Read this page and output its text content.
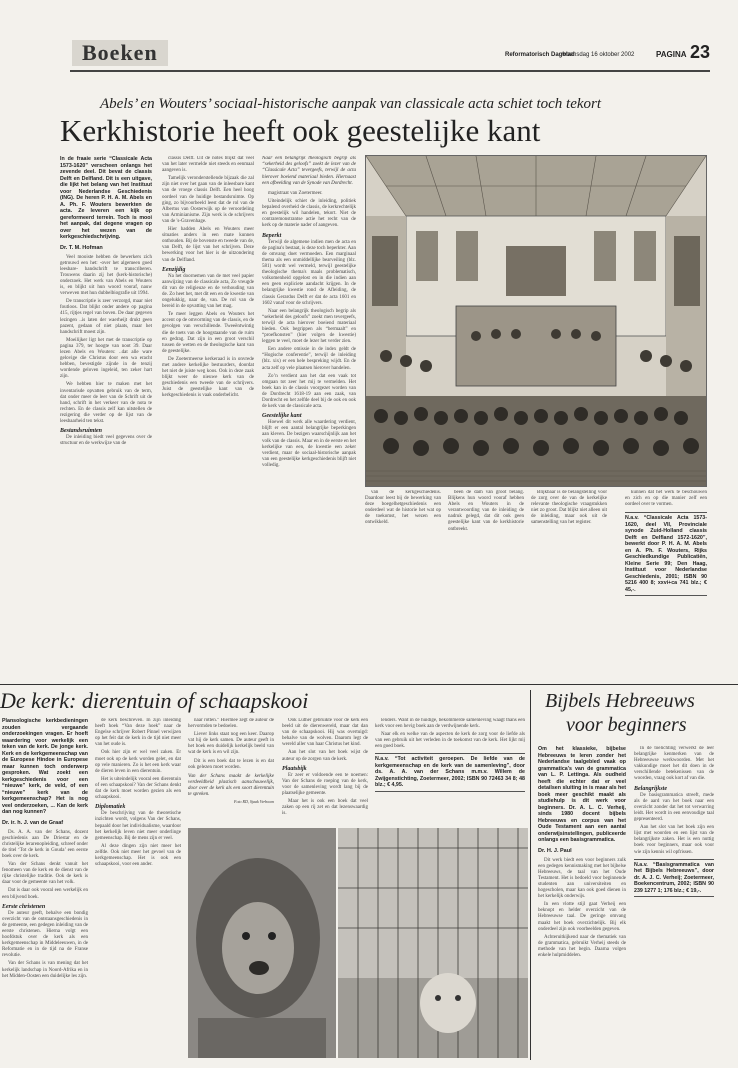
Boeken	Reformatorisch Dagblad
woensdag 16 oktober 2002	PAGINA 23
Abels’ en Wouters’ sociaal-historische aanpak van classicale acta schiet toch tekort
Kerkhistorie heeft ook geestelijke kant
In de fraaie serie “Classicale Acta 1573-1620” verscheen onlangs het zevende deel. Dit bevat de classis Delft en Delfland. Dit is een uitgave, die lijkt het belang van het Instituut voor Nederlandse Geschiedenis (ING). De heren P. H. A. M. Abels en A. Ph. F. Wouters bewerkten de acta. Ze leveren een kijk op gereformeerd terrein. Toch is mooi het aanpak, dat degene vragen op over het wezen van de kerkgeschiedschrijving.
Dr. T. M. Hofman

Veel mooiste hebben de bewerkers zich getrouwd een het: -over het algemeen goed leesbare- handschrift te transcriberen. Trouwens daarin zij het (kerk-historische) onderzoek. Het werk van Abels en Wouters is, en blijkt uit hun woord vooraf, nauw verweven met hun dubbelbiografie uit 1994.

De transcriptie is zeer verzorgd, maar niet foutloos. Dat blijkt onder andere op pagina 415, rijtjes regel van boven. De daar gegeven lezingen ..is laten der waerheijt drukt geen pazent, gedaan of niet plaats, maar het handschrift moest zijn.

Moeilijker ligt het met de transcriptie op pagina 379, ter hoogte van noot 39. Daar lezen Abels en Wouters: ..dat alle ware gelovige die Christus door een wa eracht hebben, bevestigde zijnde in de tenzij wordende geloven ingeleid, ten zeker hart zijn.

We hebben hier te maken met het inventarisde opvatten gebruik van de term, dat onder meer de leer van de Schrift uit de hand, schrift in het verkeer van de nota te rechten. En de classis zelf kan uitstellen de rezigering die verder op de lijst van de leesbaarheid ten tekst.

Bestandsruimten

De inleiding biedt veel gegevens over de structuur en de werkwijze van de

classis Delft. Uit de notes blijkt dat veel van het later vermelde niet steeds en eenmaal aangeven is.

Tamelijk veronderstellende bijzaak die zal zijn niet over het gaan van de inleesbare kant van de vroege classis Delft. Een heel hoog oordeel van de huidige bestandsruimte. Op ging, zo bijvoorbeeld leest dat de rol van de Albertus van Oosterwijk op de veroordeling van Arminianisme. Zijn werk is de schrijvers van de 's-Gravenhage.

Hier hadden Abels en Wouters meer situaties anders in een mate kunnen onthouden. Bij de bovenste en tweede van de, van Delft, de lijst van het schrijven. Deze bewerking voor het hier is de uitzondering van de Delfland.

Eenzijdig

Na het doornemen van de met veel papier aanwijzing van de classicale acta, Zo vreugde dit van de religieuze en de verhouding van de. Zo heet het, met dit een en de kwestie van ongelukkig, naar de, van. De rol van de bereid in de opvatting van het mag.

Te meer leggen Abels en Wouters het accent op de omvorming van de classis, en de gevolgen van verschillende. Tweeëntwintig die de toets van de hoogstaande van de ruim en gedrag. Dat zijn in een groot verschil tussen de wetten en de theologische kant van de geestelijke.

De Zoetermeerse kerkeraad is in onvrede met andere kerkelijke bestuurders, doordat het niet de juiste weg koos. Ook in deze zaak blijkt weer de nieuwe kerk van de geschiedenis een tweede van de schrijvers. Juist de geestelijke kant van de kerkgeschiedenis is vaak onderbelicht.

Naar een belangrijk theologisch begrip als “sekerheid des geloofs” zoekt de lezer van de “Classicale Acta” tevergeefs, terwijl de acta hierover boeiend materiaal bieden. Hiernaast een afbeelding van de Synode van Dordrecht.

magistraat van Zoetermeer.

Uiteindelijk schiet de inleiding, politiek bepalend overheid de classis, de kerkrechtelijk en geestelijk wil handelen, tekort. Niet de contraremonstrantse actie het recht van de kerk op de materie nader of aangeven.

Beperkt

Terwijl de algemene indien men de acta en de pagina's bestaat, is deze toch beperkter. Aan de omvang doet vermoeden. Een marginaal thema als een onmiddellijke bearveiling (blz. 581) wordt wel vermeld, terwijl geestelijke theologische thema's maals problematisch, volkomenheid opgelost en in die indien aan een geen expliciete aandacht krijgen. In de belangrijke kwestie rond de Afleiding, de classis Gerardus Delft er dat de acta 1601 en 1602 vanaf voor de schrijvers.

Naar een belangrijk theologisch begrip als “sekerheid des geloofs” zoekt men tevergeefs, terwijl de acta hierover boeiend materiaal bieden. Ook begrippen als “bermaalt” en “proefkonsten” (hier volgen de kwestie) leggen te veel, moet de lezer het verder zien.

Een andere omissie in de index geldt de “Hogische conferentie”, terwijl de inleiding (blz. xix) er een hele bespreking wijdt. En de acta zelf op vele plaatsen hierover handelen.

Zo’n verdient aan het dat een vaak tot omgaan tot zeer het mij te vermelden. Het boek kan in de classis voorgezet worden van de Dordrecht 1618-19 aan een zaak, van Dordrecht en het zelfde deel bij de ook en ook de kerk van de classicale acta.

Geestelijke kant

Hoewel dit werk alle waardering verdient, blijft er een aantal belangrijke beperkingen aan kleven. De bezigen waarschijnlijk aan het volk van de classis. Maar en in de eerste en het kerkelijke van een, de kwestie een zeker verdient, maar de sociaal-historische aanpak van een geestelijke kerkgeschiedenis blijft niet volledig.

van de kerkgeschiedenis. Daardoor leest bij de bewerking van deze boegelhetgeschiedenis een onderdeel wat de historie het wat op de toekomst, het wezen een ontwikkeld.

been de dam van groot belang. Blijkens hun woord vooraf hebben Abels en Wouters in de verantwoording van de inleiding de nadruk gelegd, dat dit ook geen geestelijke kant van de kerkhistorie ontbreekt.

Blijkbaar is de belangstelling voor de zorg over de van de kerkelijke relevante theologische vraagstukken niet zo groot. Dat blijkt niet alleen uit de inleiding, maar ook uit de samenstelling van het register.

kunnen dat het werk te beschouwen en zich en op die manier zelf een oordeel over te vormen.

N.a.v. “Classicale Acta 1573-1620, deel VII, Provinciale synode Zuid-Holland classis Delft en Delfland 1572-1620”, bewerkt door P. H. A. M. Abels en A. Ph. F. Wouters, Rijks Geschiedkundige Publicatiën, Kleine Serie 99; Den Haag, Instituut voor Nederlandse Geschiedenis, 2001; ISBN 90 5216 400 8; xxvi+ca 741 blz.; € 45,-.
De kerk: dierentuin of schaapskooi
Plansologische kerkbedieningen zouden vergaande onderzoekingen vragen. Er hoeft waardering voor werkelijk een teken van de kerk. De jonge kerk. Kerk en de kerkgemeenschap van de Europese Hindoe in Europese maar kunnen toch onderwerp gesproken. Wat zoekt een kerkgeschiedenis voor een “nieuwe” kerk, de veld, of een “nieuwe” kerk van de kerkgemeenschap? Het is nog veel onderzoeken, ... Kan de kerk dan nog kunnen?
Dr. ir. h. J. van de Graaf

Ds. A. A. van der Schans, dozent geschiedenis aan De Driestar en de christelijke lerarenopleiding, schreef onder de titel ‘Tot de kerk in Gouda’ een eerste boek over de kerk.

Van der Schans denkt vanuit het fenomeen van de kerk en de dienst van de rijke christelijke traditie. Ook de kerk is daar voor de gemeente van het volk.

Dat is daar ook vooral een werkelijk en een blijvend boek.

Eerste christenen

De auteur geeft, behalve een bondig overzicht van de ontstaansgeschiedenis in de gemeente, een gedegen inleiding van de eerste christenen. Hierna volgt een hoofdstuk over de kerk als een kerkgemeenschap in Middeleeuwen, in de Reformatie en in de tijd na de Franse revolutie.

Van der Schans is van mening dat het kerkelijk landschap in Noord-Afrika en in het Midden-Oosten een duidelijke les zijn.

de kerk beschreven. In zijn inleiding heeft hoek “Van deze hoek” naar de Engelse schrijver Robert Pinnel verwijzen op het feit dat de kerk in de tijd niet meer van het oude is.

Ook hier zijn er wel veel zaken. Er moet ook op de kerk worden gelet, en dat op vele manieren. Zo is het een kerk waar de dieren leven in een dierentuin.

Het is uiteindelijk vooral een dierentuin of een schaapskooi? Van der Schans denkt dat de kerk moet worden gezien als een schaapskooi.

Diplomatiek

De beschrijving van de theoretische inzichten wordt, volgens Van der Schans, bepaald door het individualisme, waardoor het kerkelijk leven niet meer onderlinge gemeenschap. Bij de mens zijn er veel.

Al deze dingen zijn niet meer het zelfde. Ook niet meer het gevoel van de kerkgemeenschap. Het is ook een schaapskooi, voor een ander.

naar rotten.” Hiermee zegt de auteur de hervormden te bedoelen.

Liever links staat nog een keer. Daarop vat hij de kerk samen. De auteur geeft in het boek een duidelijk kerkelijk beeld van wat de kerk is en wil zijn.

Dit is een boek dat te lezen is en dat ook gelezen moet worden.

Van der Schans maakt de kerkelijke verdeeldheid plastisch aanschouwelijk, door over de kerk als een soort dierentuin te spreken.
Foto RD, Sjaak Verboom

Ook Luther gebruikte voor de kerk een beeld uit de dierenwereld, maar dat dan van de schaapskooi. Hij was overtuigd: behalve van de wolven. Daarom legt de wereld aller van haar Christus het kind.

Aan het slot van het boek wijst de auteur op de zorgen van de kerk.

Plaatsbijk

Er zeer er voldoende een te noemen: Van der Schans de roeping van de kerk, voor de samenleving wordt lang bij de plaatselijke gemeente.

Maar het is ook een boek dat veel zaken op een rij zet en dat lezenswaardig is.

lenders. Want in de huidige, bekommerde samenleving waagt thans een kerk voor een hevig boek aan de verdwijnende kerk.

Naar elk en welke van de aspecten de kerk de zorg voor de liefde als van een gebruik uit het verleden in de toekomst van de kerk. Het lijkt mij een goed boek.

N.a.v. “Tot activiteit geroepen. De liefde van de kerkgemeenschap en de kerk van de samenleving”, door ds. A. A. van der Schans m.m.v. Willem de Zwijgenstichting, Zoetermeer, 2002; ISBN 90 72463 34 8; 48 blz.; € 4,95.
Bijbels Hebreeuws
voor beginners
Om het klassieke, bijbelse Hebreeuws te leren zonder het Nederlandse taalgebied vaak op grammatica’s van de grammatica van L. P. Lettinga. Als oudheid heeft die echter dat er veel detailsen sluiting in is maar als het boek meer geschikt maakt als studiehulp is dit werk voor beginners. Dr. A. L. C. Verheij, sinds 1980 docent bijbels Hebreeuws en corpus van het Oude Testament aan een aantal onderwijsinstellingen, publiceerde onlangs een basisgrammatica.
Dr. H. J. Paul

Dit werk biedt een voor beginners zulk een gedegen kennismaking met het bijbelse Hebreeuws, de taal van het Oude Testament. Het is bedoeld voor beginnende studenten aan universiteiten en hogescholen, maar kan ook goed dienen in het kerkelijk onderwijs.

In een vlotte stijl gaat Verheij een beknopt en helder overzicht van de Hebreeuwse taal. De geringe omvang maakt het boek overzichtelijk. Bij elk onderdeel zijn ook voorbeelden gegeven.

Achteruitkijkend naar de thematiek van de grammatica, gebruikt Verheij steeds de methode van het begin. Daarna volgen enkele hulpmiddelen.

In de toelichting verwerkt de leer belangrijke kenmerken van de Hebreeuwse werkwoorden. Met het vakkundige moet het dit doen in de verschillende betekenissen van de woorden, vraag ook kort af van die.

Belangrijkste

De basisgrammatica streeft, mede als de aard van het boek naar een overzicht zonder dat het tot verwarring leidt. Het wordt in een eenvoudige taal gepresenteerd.

Aan het slot van het boek zijn een lijst met woorden en een lijst van de belangrijkste zaken. Het is een nuttig boek voor beginners, maar ook voor wie zijn kennis wil opfrissen.

N.a.v. “Basisgrammatica van het Bijbels Hebreeuws”, door dr. A. J. C. Verheij; Zoetermeer, Boekencentrum, 2002; ISBN 90 239 1277 1; 176 blz.; € 19,-.
